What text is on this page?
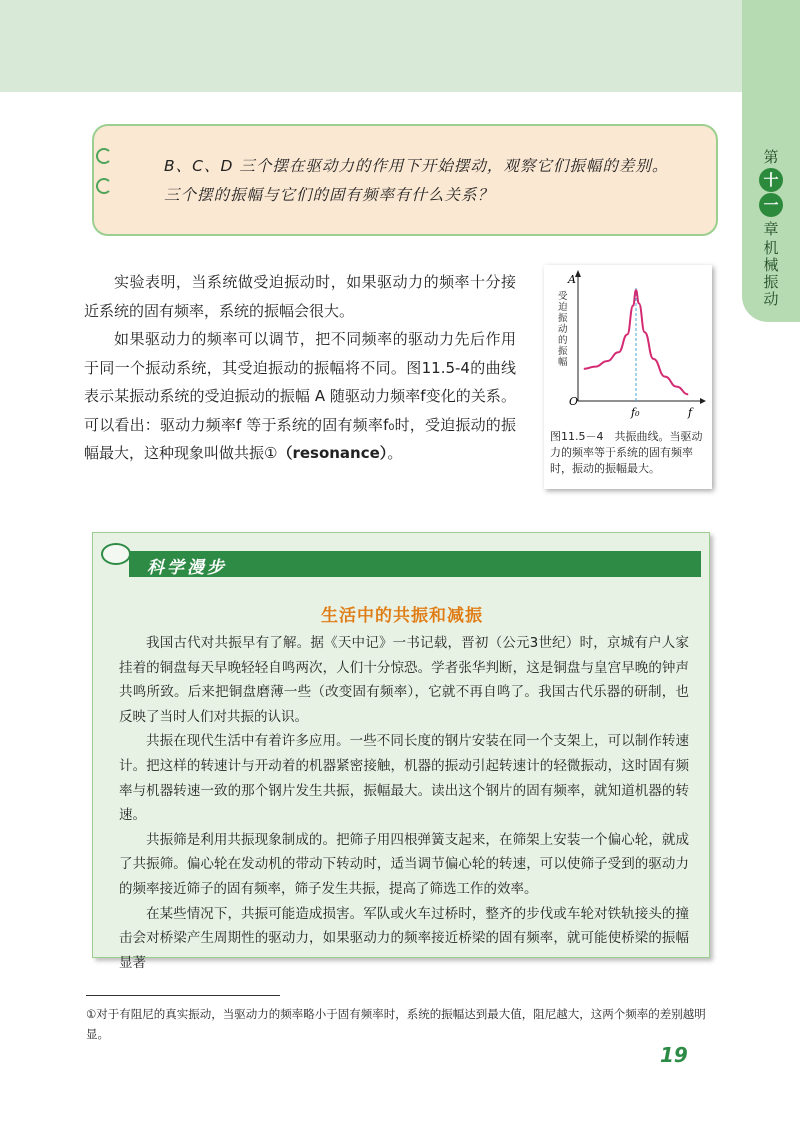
第
十
一
章
机械振动
B、C、D 三个摆在驱动力的作用下开始摆动，观察它们振幅的差别。
三个摆的振幅与它们的固有频率有什么关系？

实验表明，当系统做受迫振动时，如果驱动力的频率十分接近系统的固有频率，系统的振幅会很大。

如果驱动力的频率可以调节，把不同频率的驱动力先后作用于同一个振动系统，其受迫振动的振幅将不同。图11.5-4的曲线表示某振动系统的受迫振动的振幅 A 随驱动力频率f变化的关系。可以看出：驱动力频率f 等于系统的固有频率f₀时，受迫振动的振幅最大，这种现象叫做共振①（resonance）。

A
O
f
f₀
受迫振动的振幅
图11.5－4　共振曲线。当驱动力的频率等于系统的固有频率时，振动的振幅最大。
科学漫步
生活中的共振和减振

我国古代对共振早有了解。据《天中记》一书记载，晋初（公元3世纪）时，京城有户人家挂着的铜盘每天早晚轻轻自鸣两次，人们十分惊恐。学者张华判断，这是铜盘与皇宫早晚的钟声共鸣所致。后来把铜盘磨薄一些（改变固有频率），它就不再自鸣了。我国古代乐器的研制，也反映了当时人们对共振的认识。

共振在现代生活中有着许多应用。一些不同长度的钢片安装在同一个支架上，可以制作转速计。把这样的转速计与开动着的机器紧密接触，机器的振动引起转速计的轻微振动，这时固有频率与机器转速一致的那个钢片发生共振，振幅最大。读出这个钢片的固有频率，就知道机器的转速。

共振筛是利用共振现象制成的。把筛子用四根弹簧支起来，在筛架上安装一个偏心轮，就成了共振筛。偏心轮在发动机的带动下转动时，适当调节偏心轮的转速，可以使筛子受到的驱动力的频率接近筛子的固有频率，筛子发生共振，提高了筛选工作的效率。

在某些情况下，共振可能造成损害。军队或火车过桥时，整齐的步伐或车轮对铁轨接头的撞击会对桥梁产生周期性的驱动力，如果驱动力的频率接近桥梁的固有频率，就可能使桥梁的振幅显著

①对于有阻尼的真实振动，当驱动力的频率略小于固有频率时，系统的振幅达到最大值，阻尼越大，这两个频率的差别越明显。
19
